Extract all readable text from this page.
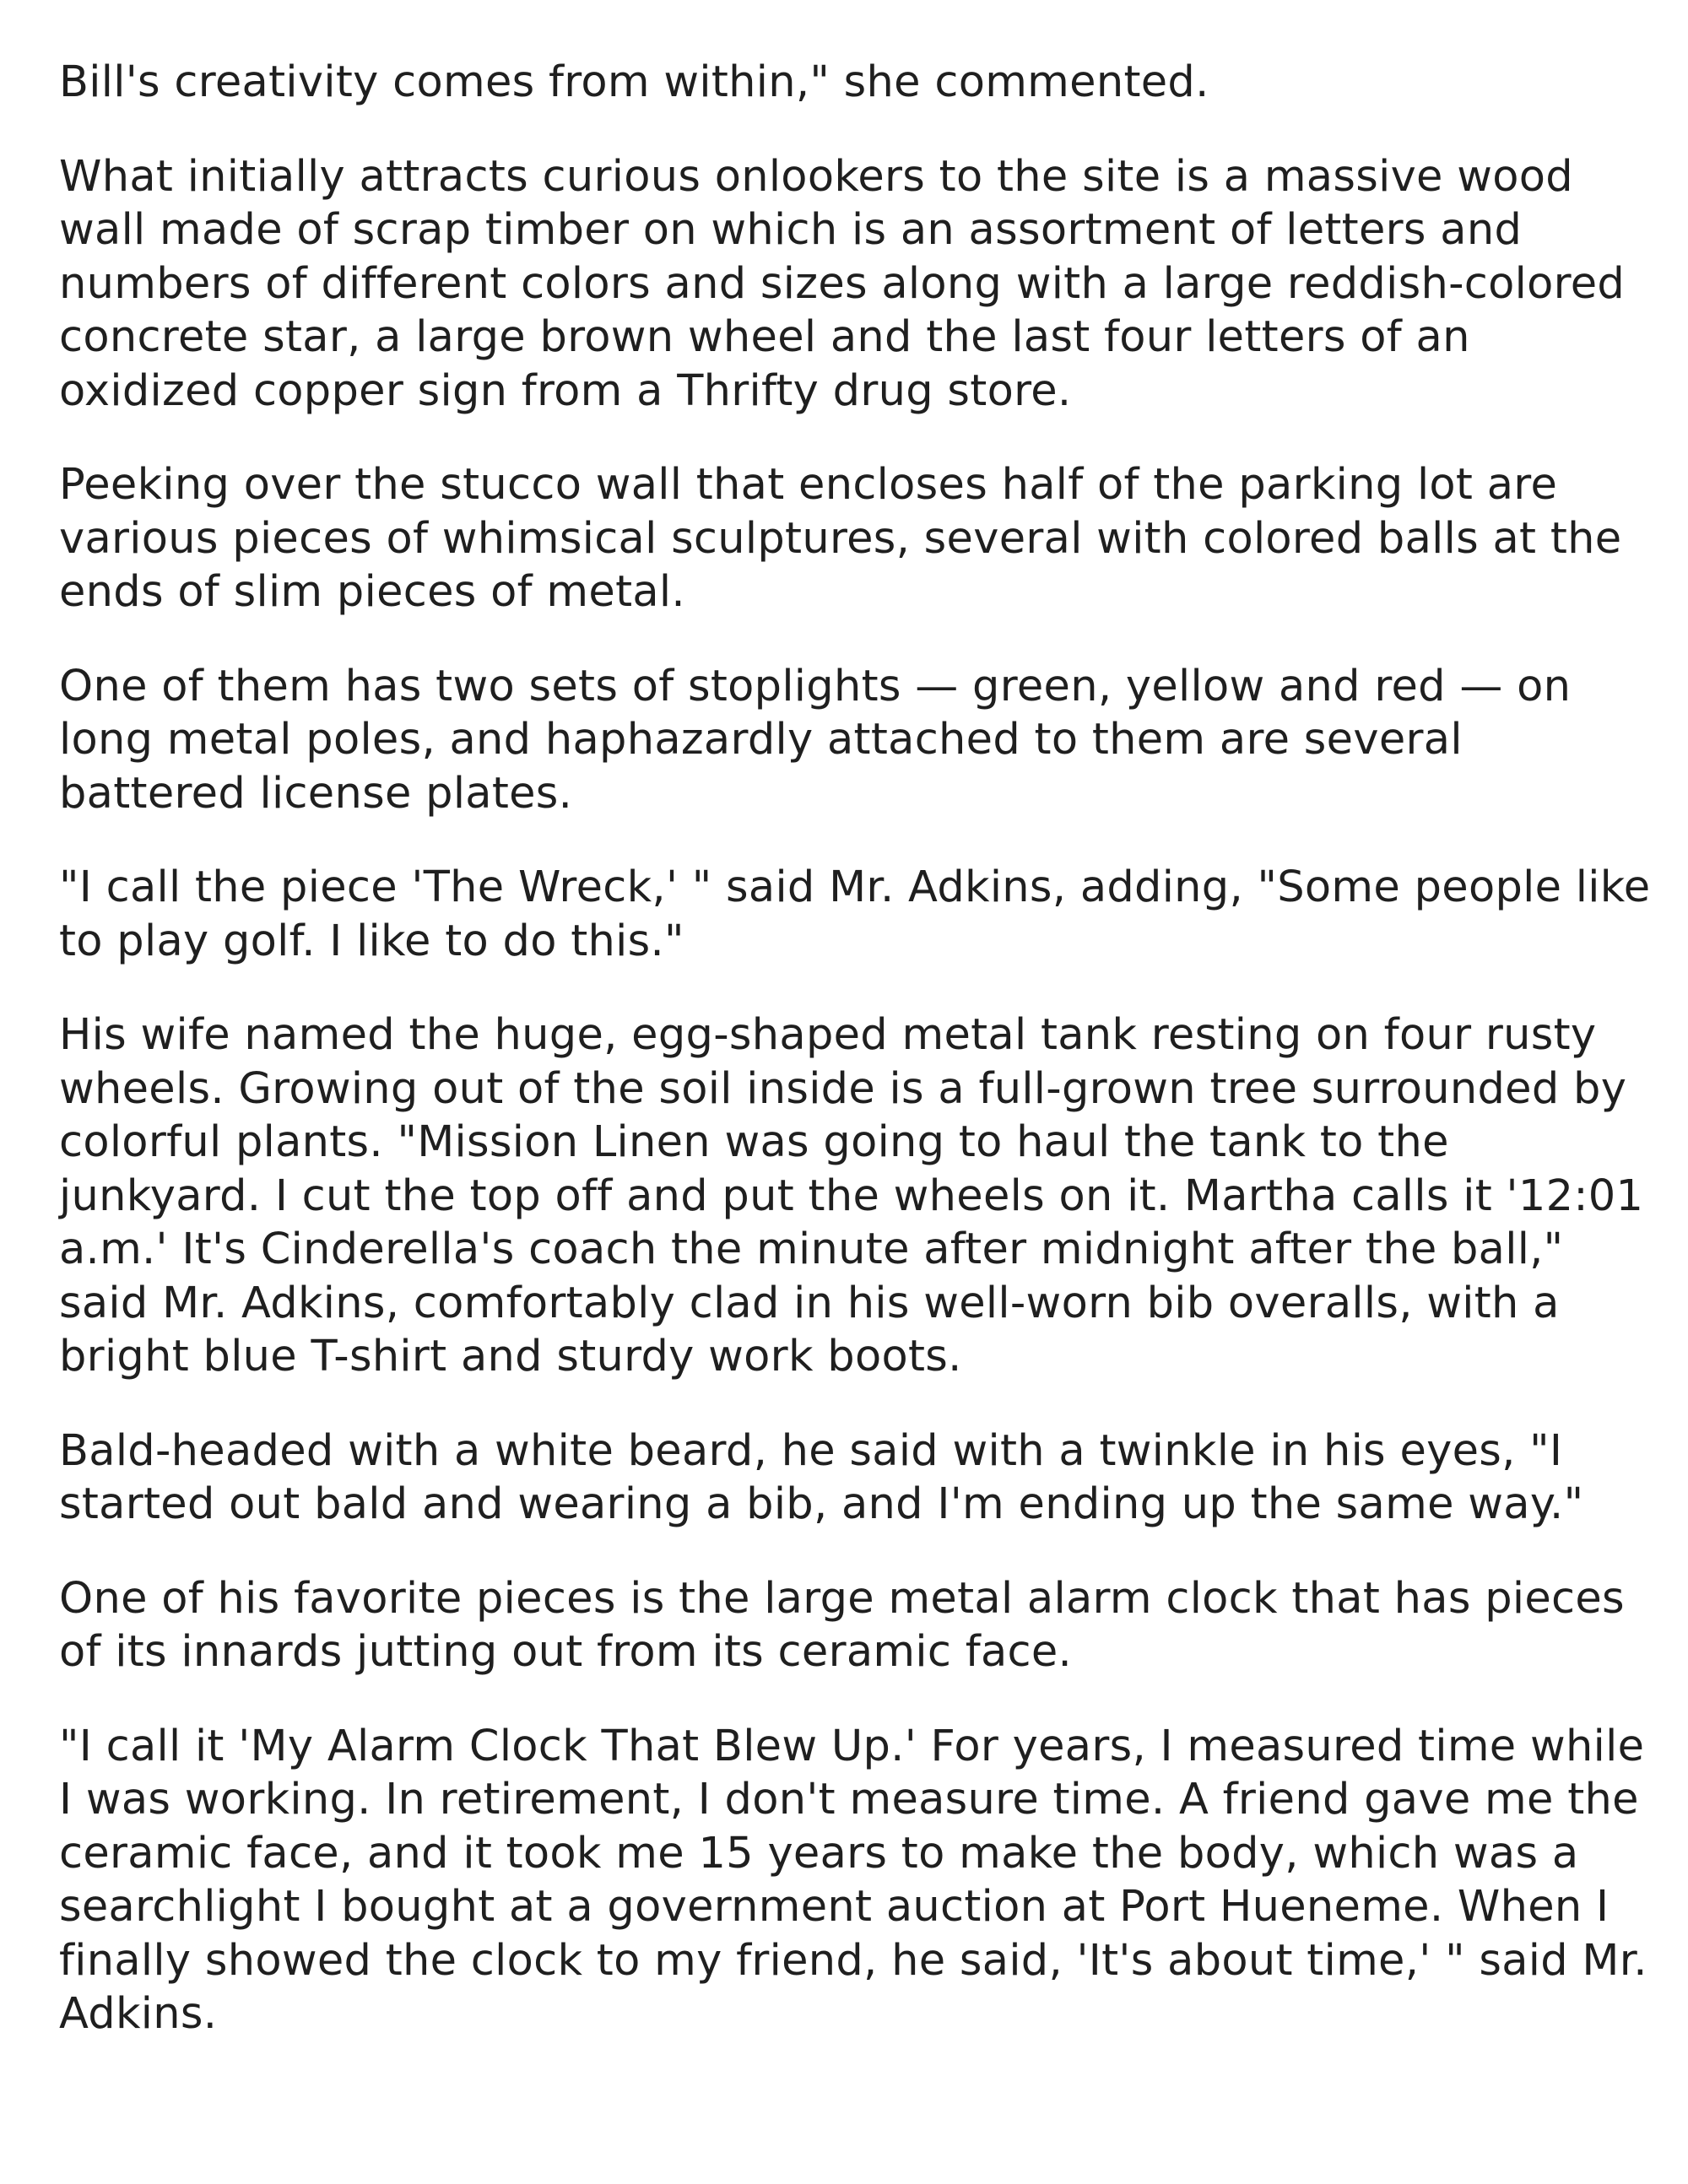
Bill's creativity comes from within," she commented.

What initially attracts curious onlookers to the site is a massive wood wall made of scrap timber on which is an assortment of letters and numbers of different colors and sizes along with a large reddish-colored concrete star, a large brown wheel and the last four letters of an oxidized copper sign from a Thrifty drug store.

Peeking over the stucco wall that encloses half of the parking lot are various pieces of whimsical sculptures, several with colored balls at the ends of slim pieces of metal.

One of them has two sets of stoplights — green, yellow and red — on long metal poles, and haphazardly attached to them are several battered license plates.

"I call the piece 'The Wreck,' " said Mr. Adkins, adding, "Some people like to play golf. I like to do this."

His wife named the huge, egg-shaped metal tank resting on four rusty wheels. Growing out of the soil inside is a full-grown tree surrounded by colorful plants. "Mission Linen was going to haul the tank to the junkyard. I cut the top off and put the wheels on it. Martha calls it '12:01 a.m.' It's Cinderella's coach the minute after midnight after the ball," said Mr. Adkins, comfortably clad in his well-worn bib overalls, with a bright blue T-shirt and sturdy work boots.

Bald-headed with a white beard, he said with a twinkle in his eyes, "I started out bald and wearing a bib, and I'm ending up the same way."

One of his favorite pieces is the large metal alarm clock that has pieces of its innards jutting out from its ceramic face.

"I call it 'My Alarm Clock That Blew Up.' For years, I measured time while I was working. In retirement, I don't measure time. A friend gave me the ceramic face, and it took me 15 years to make the body, which was a searchlight I bought at a government auction at Port Hueneme. When I finally showed the clock to my friend, he said, 'It's about time,' " said Mr. Adkins.
